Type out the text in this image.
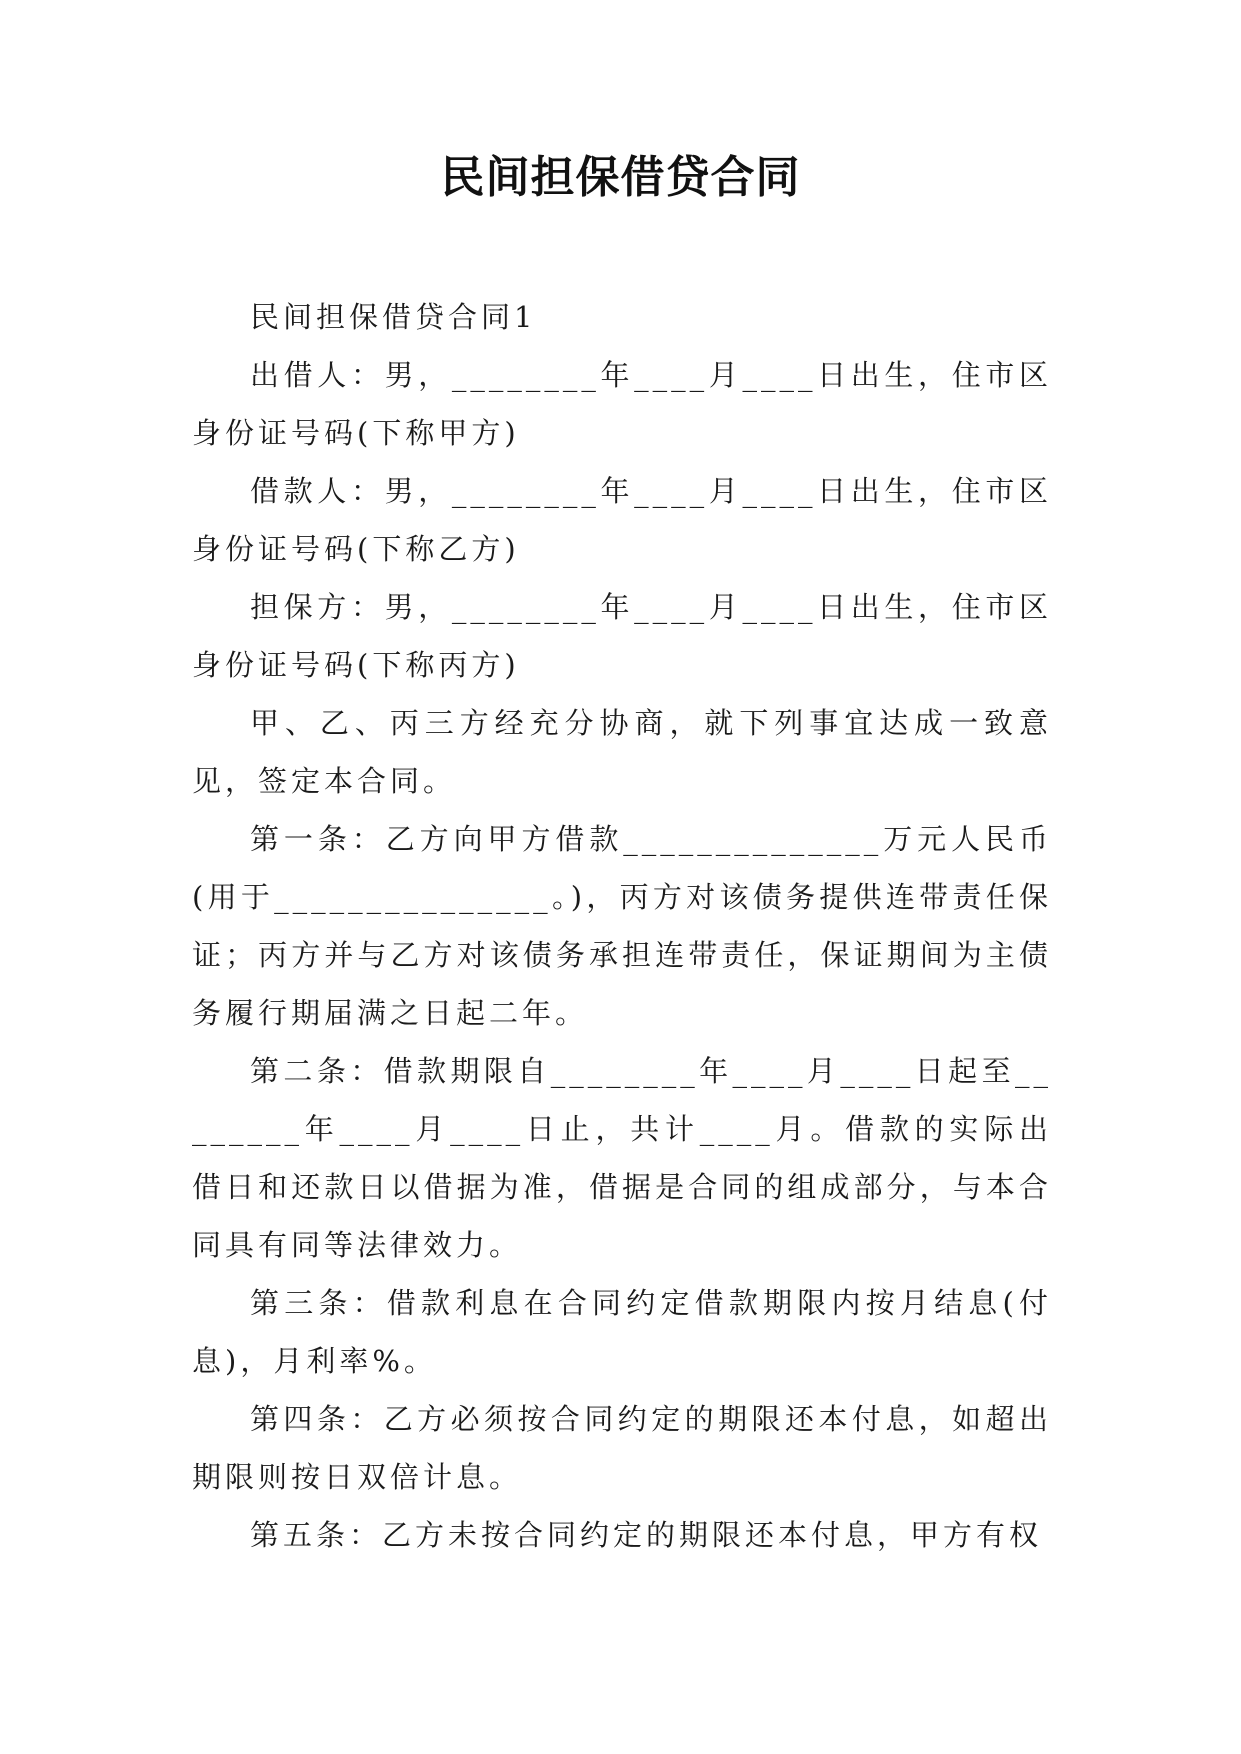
民间担保借贷合同

民间担保借贷合同1

出借人：男，________年____月____日出生，住市区身份证号码(下称甲方)

借款人：男，________年____月____日出生，住市区身份证号码(下称乙方)

担保方：男，________年____月____日出生，住市区身份证号码(下称丙方)

甲、乙、丙三方经充分协商，就下列事宜达成一致意见，签定本合同。

第一条：乙方向甲方借款______________万元人民币(用于_______________。)，丙方对该债务提供连带责任保证；丙方并与乙方对该债务承担连带责任，保证期间为主债务履行期届满之日起二年。

第二条：借款期限自________年____月____日起至________年____月____日止，共计____月。借款的实际出借日和还款日以借据为准，借据是合同的组成部分，与本合同具有同等法律效力。

第三条：借款利息在合同约定借款期限内按月结息(付息)，月利率%。

第四条：乙方必须按合同约定的期限还本付息，如超出期限则按日双倍计息。

第五条：乙方未按合同约定的期限还本付息，甲方有权
